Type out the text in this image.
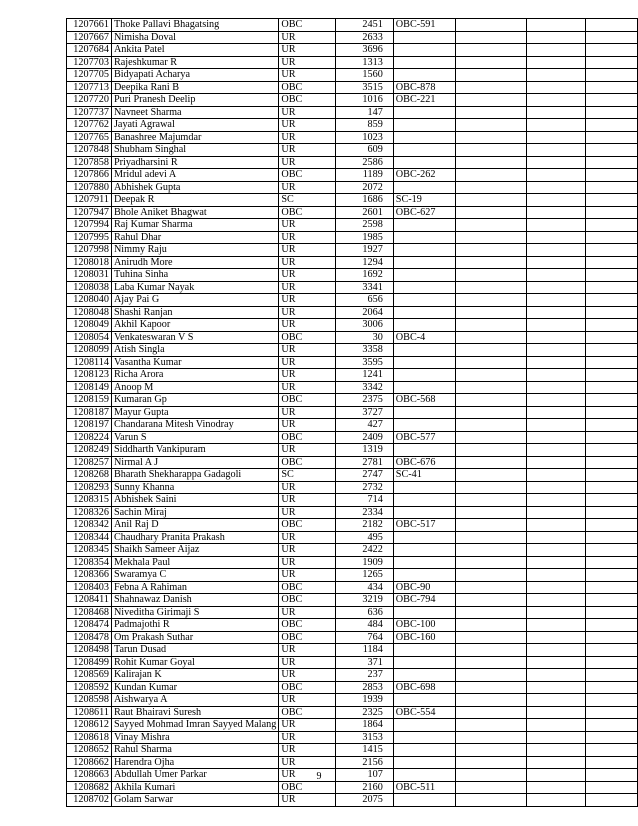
1207661	Thoke Pallavi Bhagatsing	OBC	2451	OBC-591			
1207667	Nimisha Doval	UR	2633				
1207684	Ankita Patel	UR	3696				
1207703	Rajeshkumar R	UR	1313				
1207705	Bidyapati Acharya	UR	1560				
1207713	Deepika Rani B	OBC	3515	OBC-878			
1207720	Puri Pranesh Deelip	OBC	1016	OBC-221			
1207737	Navneet Sharma	UR	147				
1207762	Jayati Agrawal	UR	859				
1207765	Banashree Majumdar	UR	1023				
1207848	Shubham Singhal	UR	609				
1207858	Priyadharsini R	UR	2586				
1207866	Mridul adevi A	OBC	1189	OBC-262			
1207880	Abhishek Gupta	UR	2072				
1207911	Deepak R	SC	1686	SC-19			
1207947	Bhole Aniket Bhagwat	OBC	2601	OBC-627			
1207994	Raj Kumar Sharma	UR	2598				
1207995	Rahul Dhar	UR	1985				
1207998	Nimmy Raju	UR	1927				
1208018	Anirudh More	UR	1294				
1208031	Tuhina Sinha	UR	1692				
1208038	Laba Kumar Nayak	UR	3341				
1208040	Ajay Pai G	UR	656				
1208048	Shashi Ranjan	UR	2064				
1208049	Akhil Kapoor	UR	3006				
1208054	Venkateswaran V S	OBC	30	OBC-4			
1208099	Atish Singla	UR	3358				
1208114	Vasantha Kumar	UR	3595				
1208123	Richa Arora	UR	1241				
1208149	Anoop M	UR	3342				
1208159	Kumaran Gp	OBC	2375	OBC-568			
1208187	Mayur Gupta	UR	3727				
1208197	Chandarana Mitesh Vinodray	UR	427				
1208224	Varun S	OBC	2409	OBC-577			
1208249	Siddharth Vankipuram	UR	1319				
1208257	Nirmal A J	OBC	2781	OBC-676			
1208268	Bharath Shekharappa Gadagoli	SC	2747	SC-41			
1208293	Sunny Khanna	UR	2732				
1208315	Abhishek Saini	UR	714				
1208326	Sachin Miraj	UR	2334				
1208342	Anil Raj D	OBC	2182	OBC-517			
1208344	Chaudhary Pranita Prakash	UR	495				
1208345	Shaikh Sameer Aijaz	UR	2422				
1208354	Mekhala Paul	UR	1909				
1208366	Swaramya C	UR	1265				
1208403	Febna A Rahiman	OBC	434	OBC-90			
1208411	Shahnawaz Danish	OBC	3219	OBC-794			
1208468	Niveditha Girimaji S	UR	636				
1208474	Padmajothi R	OBC	484	OBC-100			
1208478	Om Prakash Suthar	OBC	764	OBC-160			
1208498	Tarun Dusad	UR	1184				
1208499	Rohit Kumar Goyal	UR	371				
1208569	Kalirajan K	UR	237				
1208592	Kundan Kumar	OBC	2853	OBC-698			
1208598	Aishwarya A	UR	1939				
1208611	Raut Bhairavi Suresh	OBC	2325	OBC-554			
1208612	Sayyed Mohmad Imran Sayyed Malang	UR	1864				
1208618	Vinay Mishra	UR	3153				
1208652	Rahul Sharma	UR	1415				
1208662	Harendra Ojha	UR	2156				
1208663	Abdullah Umer Parkar	UR	107				
1208682	Akhila Kumari	OBC	2160	OBC-511			
1208702	Golam Sarwar	UR	2075				
9
